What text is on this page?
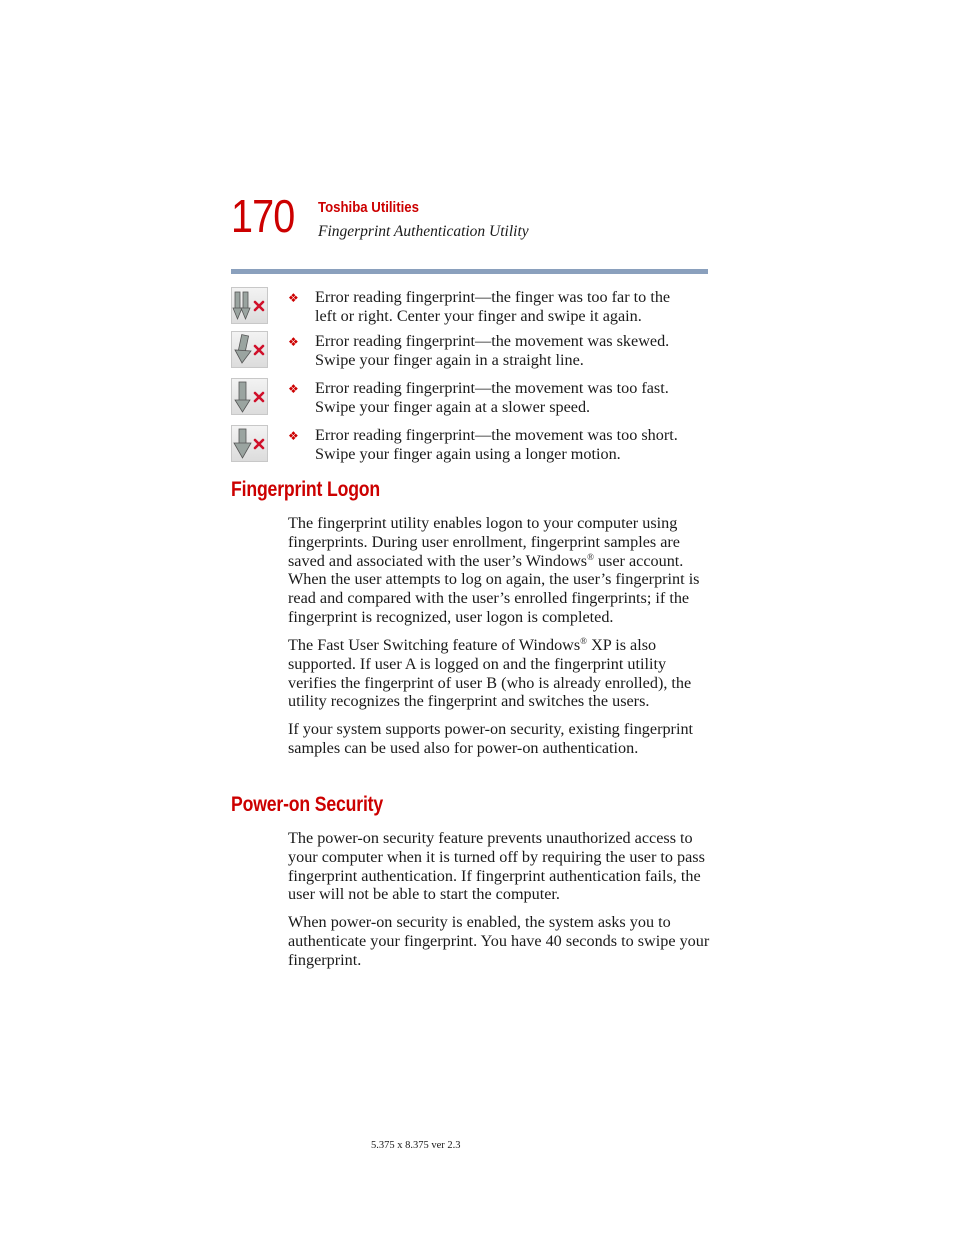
170 Toshiba Utilities
Fingerprint Authentication Utility
❖ Error reading fingerprint—the finger was too far to the
left or right. Center your finger and swipe it again.
❖ Error reading fingerprint—the movement was skewed.
Swipe your finger again in a straight line.
❖ Error reading fingerprint—the movement was too fast.
Swipe your finger again at a slower speed.
❖ Error reading fingerprint—the movement was too short.
Swipe your finger again using a longer motion.
Fingerprint Logon

The fingerprint utility enables logon to your computer using fingerprints. During user enrollment, fingerprint samples are saved and associated with the user’s Windows® user account. When the user attempts to log on again, the user’s fingerprint is read and compared with the user’s enrolled fingerprints; if the fingerprint is recognized, user logon is completed.

The Fast User Switching feature of Windows® XP is also supported. If user A is logged on and the fingerprint utility verifies the fingerprint of user B (who is already enrolled), the utility recognizes the fingerprint and switches the users.

If your system supports power-on security, existing fingerprint samples can be used also for power-on authentication.

Power-on Security

The power-on security feature prevents unauthorized access to your computer when it is turned off by requiring the user to pass fingerprint authentication. If fingerprint authentication fails, the user will not be able to start the computer.

When power-on security is enabled, the system asks you to authenticate your fingerprint. You have 40 seconds to swipe your fingerprint.

5.375 x 8.375 ver 2.3
